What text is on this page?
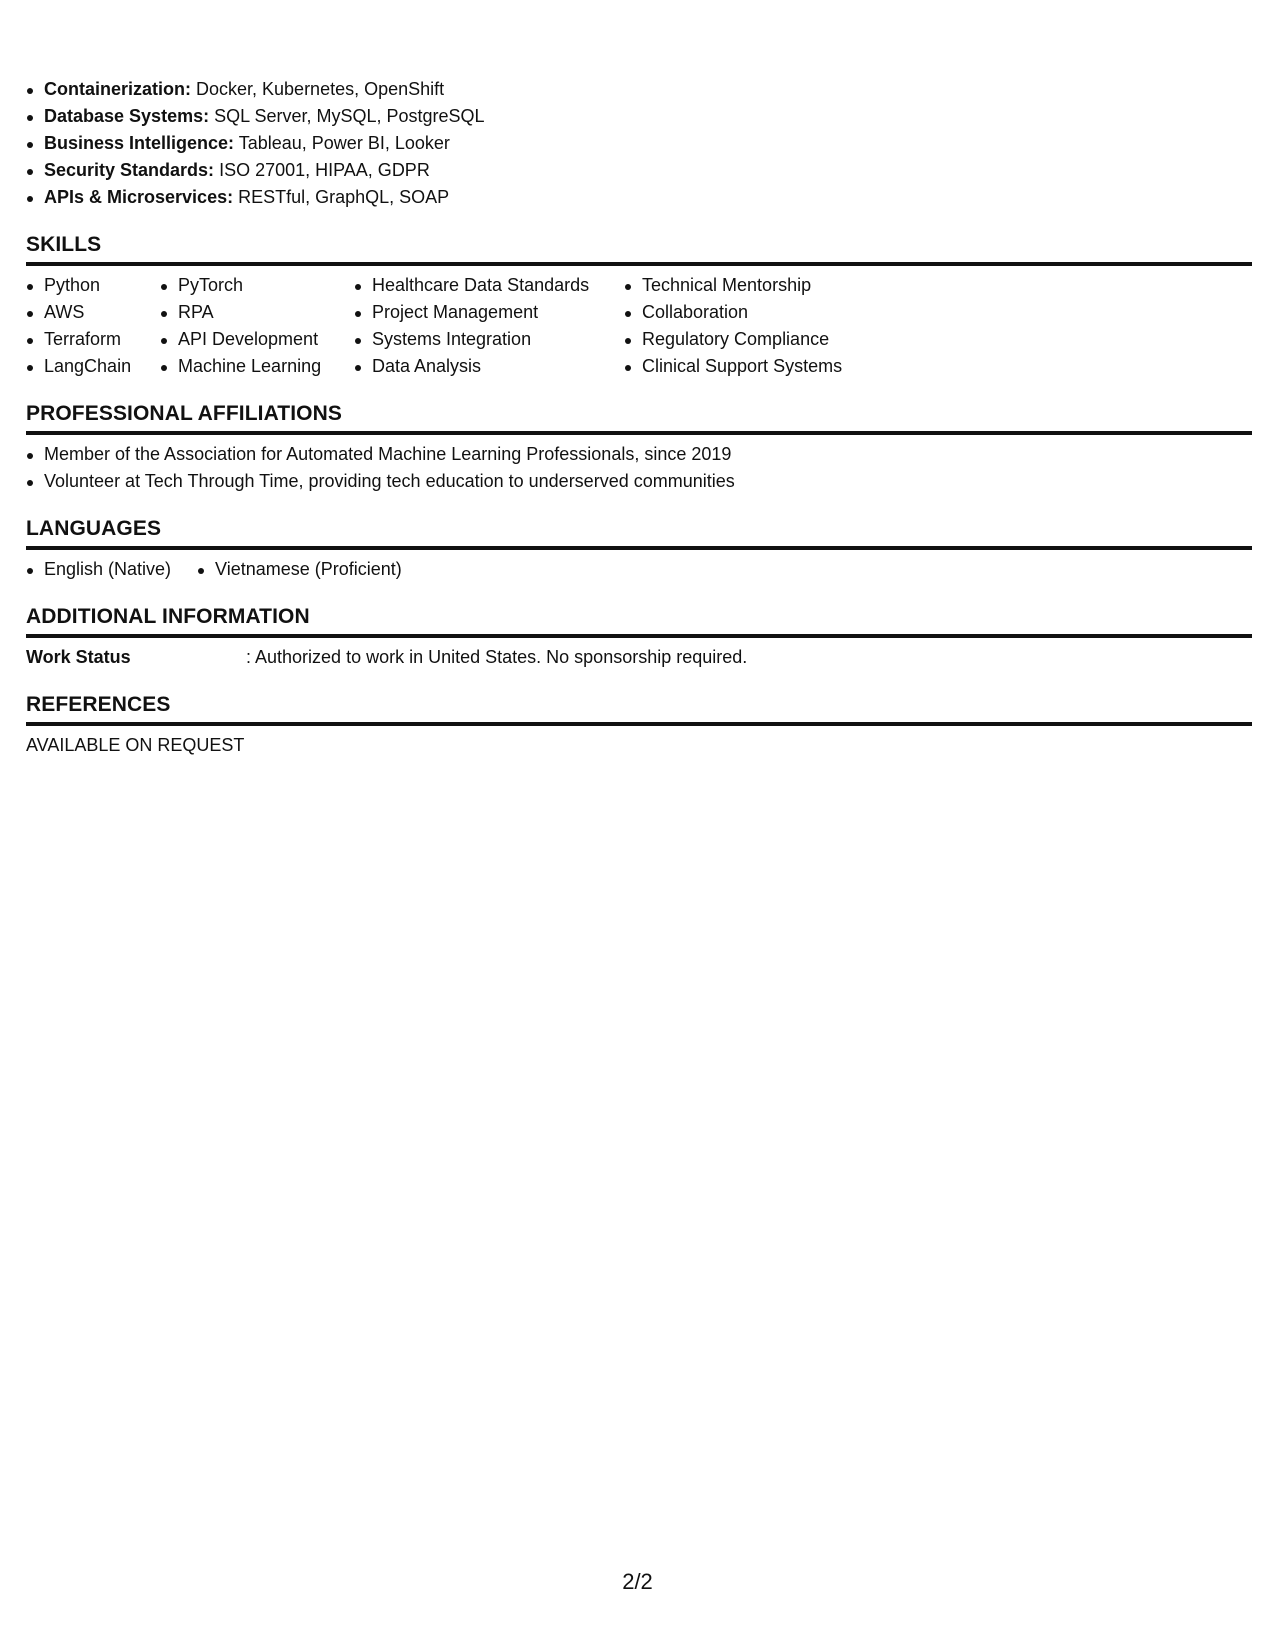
Containerization: Docker, Kubernetes, OpenShift
Database Systems: SQL Server, MySQL, PostgreSQL
Business Intelligence: Tableau, Power BI, Looker
Security Standards: ISO 27001, HIPAA, GDPR
APIs & Microservices: RESTful, GraphQL, SOAP
SKILLS
Python
AWS
Terraform
LangChain
PyTorch
RPA
API Development
Machine Learning
Healthcare Data Standards
Project Management
Systems Integration
Data Analysis
Technical Mentorship
Collaboration
Regulatory Compliance
Clinical Support Systems
PROFESSIONAL AFFILIATIONS
Member of the Association for Automated Machine Learning Professionals, since 2019
Volunteer at Tech Through Time, providing tech education to underserved communities
LANGUAGES
English (Native)	Vietnamese (Proficient)
ADDITIONAL INFORMATION
Work Status	: Authorized to work in United States. No sponsorship required.
REFERENCES
AVAILABLE ON REQUEST
2/2
